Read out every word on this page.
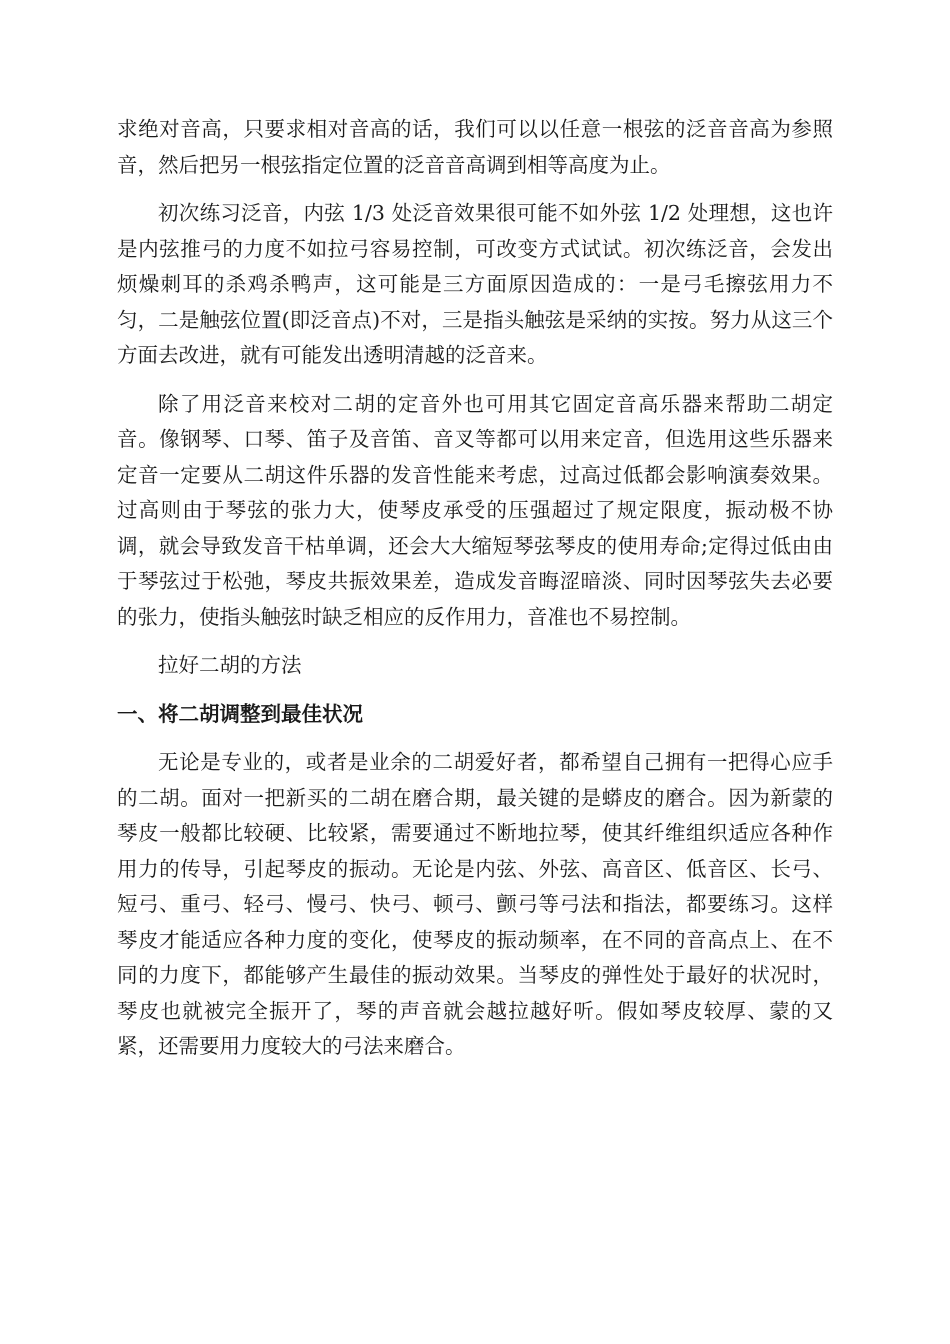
求绝对音高，只要求相对音高的话，我们可以以任意一根弦的泛音音高为参照音，然后把另一根弦指定位置的泛音音高调到相等高度为止。

初次练习泛音，内弦 1/3 处泛音效果很可能不如外弦 1/2 处理想，这也许是内弦推弓的力度不如拉弓容易控制，可改变方式试试。初次练泛音，会发出烦燥刺耳的杀鸡杀鸭声，这可能是三方面原因造成的：一是弓毛擦弦用力不匀，二是触弦位置(即泛音点)不对，三是指头触弦是采纳的实按。努力从这三个方面去改进，就有可能发出透明清越的泛音来。

除了用泛音来校对二胡的定音外也可用其它固定音高乐器来帮助二胡定音。像钢琴、口琴、笛子及音笛、音叉等都可以用来定音，但选用这些乐器来定音一定要从二胡这件乐器的发音性能来考虑，过高过低都会影响演奏效果。过高则由于琴弦的张力大，使琴皮承受的压强超过了规定限度，振动极不协调，就会导致发音干枯单调，还会大大缩短琴弦琴皮的使用寿命;定得过低由由于琴弦过于松弛，琴皮共振效果差，造成发音晦涩暗淡、同时因琴弦失去必要的张力，使指头触弦时缺乏相应的反作用力，音准也不易控制。

拉好二胡的方法

一、将二胡调整到最佳状况

无论是专业的，或者是业余的二胡爱好者，都希望自己拥有一把得心应手的二胡。面对一把新买的二胡在磨合期，最关键的是蟒皮的磨合。因为新蒙的琴皮一般都比较硬、比较紧，需要通过不断地拉琴，使其纤维组织适应各种作用力的传导，引起琴皮的振动。无论是内弦、外弦、高音区、低音区、长弓、短弓、重弓、轻弓、慢弓、快弓、顿弓、颤弓等弓法和指法，都要练习。这样琴皮才能适应各种力度的变化，使琴皮的振动频率，在不同的音高点上、在不同的力度下，都能够产生最佳的振动效果。当琴皮的弹性处于最好的状况时，琴皮也就被完全振开了，琴的声音就会越拉越好听。假如琴皮较厚、蒙的又紧，还需要用力度较大的弓法来磨合。
